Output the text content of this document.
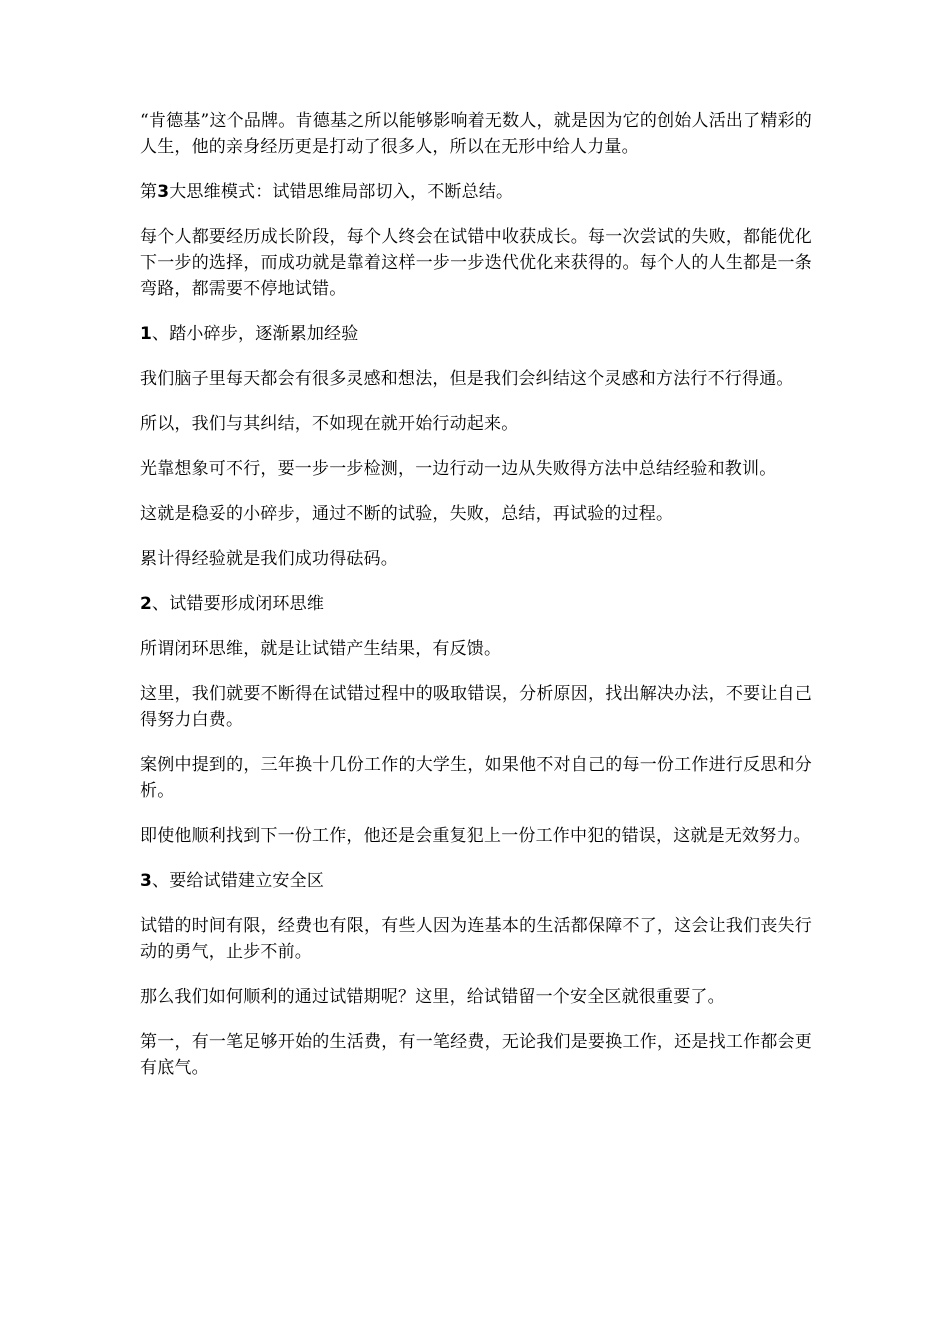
“肯德基”这个品牌。肯德基之所以能够影响着无数人，就是因为它的创始人活出了精彩的人生，他的亲身经历更是打动了很多人，所以在无形中给人力量。

第3大思维模式：试错思维局部切入，不断总结。

每个人都要经历成长阶段，每个人终会在试错中收获成长。每一次尝试的失败，都能优化下一步的选择，而成功就是靠着这样一步一步迭代优化来获得的。每个人的人生都是一条弯路，都需要不停地试错。

1、踏小碎步，逐渐累加经验

我们脑子里每天都会有很多灵感和想法，但是我们会纠结这个灵感和方法行不行得通。

所以，我们与其纠结，不如现在就开始行动起来。

光靠想象可不行，要一步一步检测，一边行动一边从失败得方法中总结经验和教训。

这就是稳妥的小碎步，通过不断的试验，失败，总结，再试验的过程。

累计得经验就是我们成功得砝码。

2、试错要形成闭环思维

所谓闭环思维，就是让试错产生结果，有反馈。

这里，我们就要不断得在试错过程中的吸取错误，分析原因，找出解决办法，不要让自己得努力白费。

案例中提到的，三年换十几份工作的大学生，如果他不对自己的每一份工作进行反思和分析。

即使他顺利找到下一份工作，他还是会重复犯上一份工作中犯的错误，这就是无效努力。

3、要给试错建立安全区

试错的时间有限，经费也有限，有些人因为连基本的生活都保障不了，这会让我们丧失行动的勇气，止步不前。

那么我们如何顺利的通过试错期呢？这里，给试错留一个安全区就很重要了。

第一，有一笔足够开始的生活费，有一笔经费，无论我们是要换工作，还是找工作都会更有底气。
